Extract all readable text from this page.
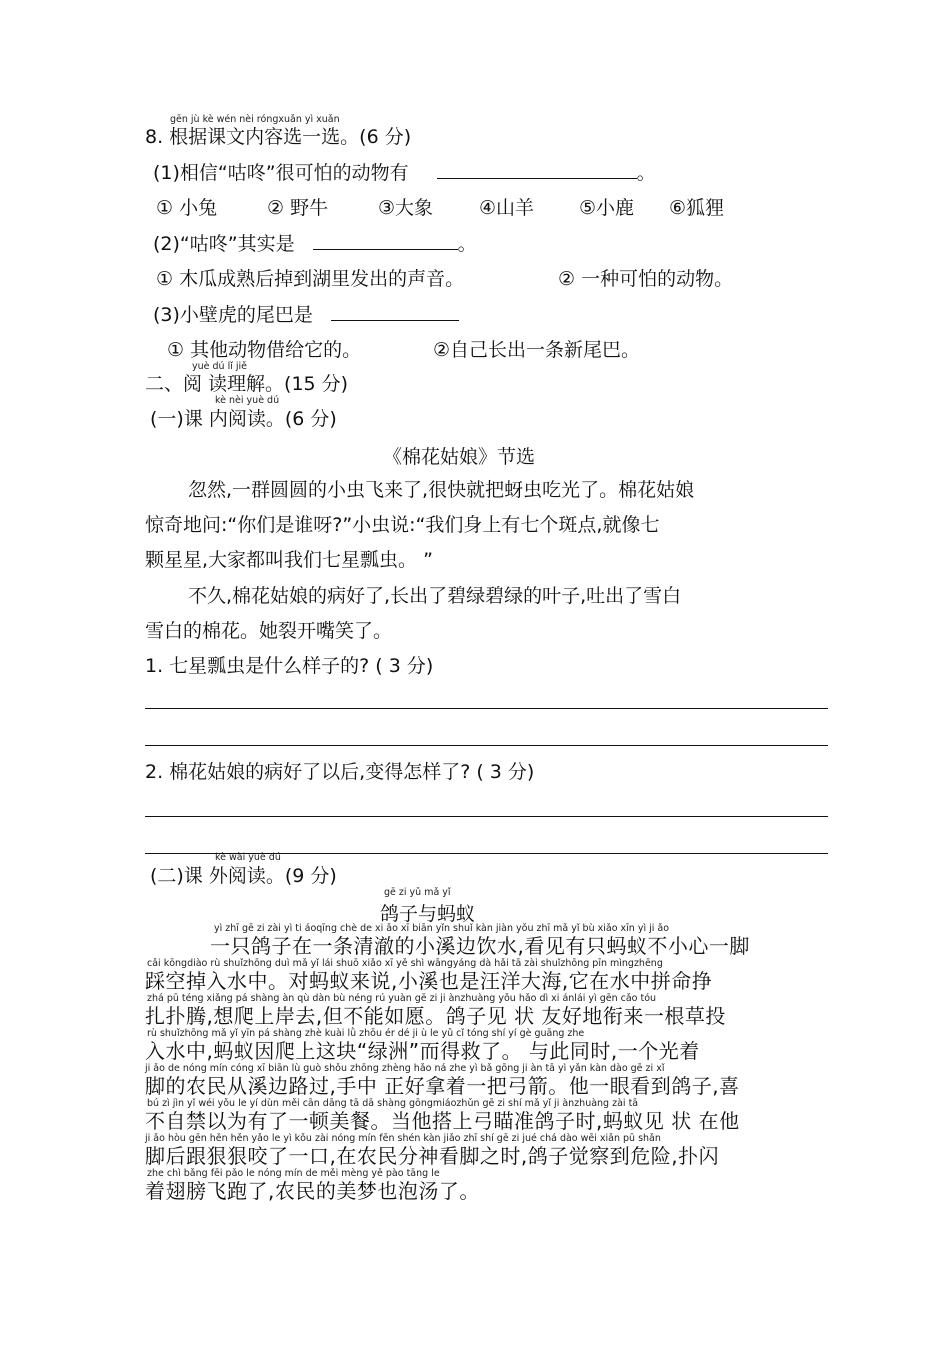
gēn jù kè wén nèi róngxuǎn yì xuǎn
8. 根据课文内容选一选。(6 分)
(1)相信“咕咚”很可怕的动物有	。
① 小兔	② 野牛	③大象 ④山羊 ⑤小鹿 ⑥狐狸
(2)“咕咚”其实是	。
① 木瓜成熟后掉到湖里发出的声音。	② 一种可怕的动物。
(3)小壁虎的尾巴是
① 其他动物借给它的。	②自己长出一条新尾巴。
yuè dú lǐ jiě
二、阅 读理解。(15 分)
kè nèi yuè dú
(一)课 内阅读。(6 分)
《棉花姑娘》节选
忽然,一群圆圆的小虫飞来了,很快就把蚜虫吃光了。棉花姑娘
惊奇地问:“你们是谁呀?”小虫说:“我们身上有七个斑点,就像七
颗星星,大家都叫我们七星瓢虫。 ”
不久,棉花姑娘的病好了,长出了碧绿碧绿的叶子,吐出了雪白
雪白的棉花。她裂开嘴笑了。
1. 七星瓢虫是什么样子的? ( 3 分)
2. 棉花姑娘的病好了以后,变得怎样了? ( 3 分)
kè wài yuè dú
(二)课 外阅读。(9 分)
gē zi yǔ mǎ yǐ
鸽子与蚂蚁
yì zhī gē zi zài yì ti áoqīng chè de xi ǎo xī biān yǐn shuǐ kàn jiàn yǒu zhī mǎ yǐ bù xiǎo xīn yì ji ǎo
一只鸽子在一条清澈的小溪边饮水,看见有只蚂蚁不小心一脚
cǎi kōngdiào rù shuǐzhōng duì mǎ yǐ lái shuō xiǎo xī yě shì wāngyáng dà hǎi tā zài shuǐzhōng pīn mìngzhēng
踩空掉入水中。对蚂蚁来说,小溪也是汪洋大海,它在水中拼命挣
zhá pū téng xiǎng pá shàng àn qù dàn bù néng rú yuàn gē zi ji ànzhuàng yǒu hǎo dì xi ánlái yì gēn cǎo tóu
扎扑腾,想爬上岸去,但不能如愿。鸽子见 状 友好地衔来一根草投
rù shuǐzhōng mǎ yǐ yīn pá shàng zhè kuài lǜ zhōu ér dé ji ù le yǔ cǐ tóng shí yí gè guāng zhe
入水中,蚂蚁因爬上这块“绿洲”而得救了。 与此同时,一个光着
ji ǎo de nóng mín cóng xī biān lù guò shǒu zhōng zhèng hǎo ná zhe yì bǎ gōng ji àn tā yì yǎn kàn dào gē zi xǐ
脚的农民从溪边路过,手中 正好拿着一把弓箭。他一眼看到鸽子,喜
bú zì jìn yǐ wéi yǒu le yí dùn měi cān dāng tā dā shàng gōngmiáozhǔn gē zi shí mǎ yǐ ji ànzhuàng zài tā
不自禁以为有了一顿美餐。当他搭上弓瞄准鸽子时,蚂蚁见 状 在他
ji ǎo hòu gēn hěn hěn yǎo le yì kǒu zài nóng mín fēn shén kàn jiǎo zhī shí gē zi jué chá dào wēi xiǎn pū shǎn
脚后跟狠狠咬了一口,在农民分神看脚之时,鸽子觉察到危险,扑闪
zhe chì bǎng fēi pǎo le nóng mín de měi mèng yě pào tāng le
着翅膀飞跑了,农民的美梦也泡汤了。
